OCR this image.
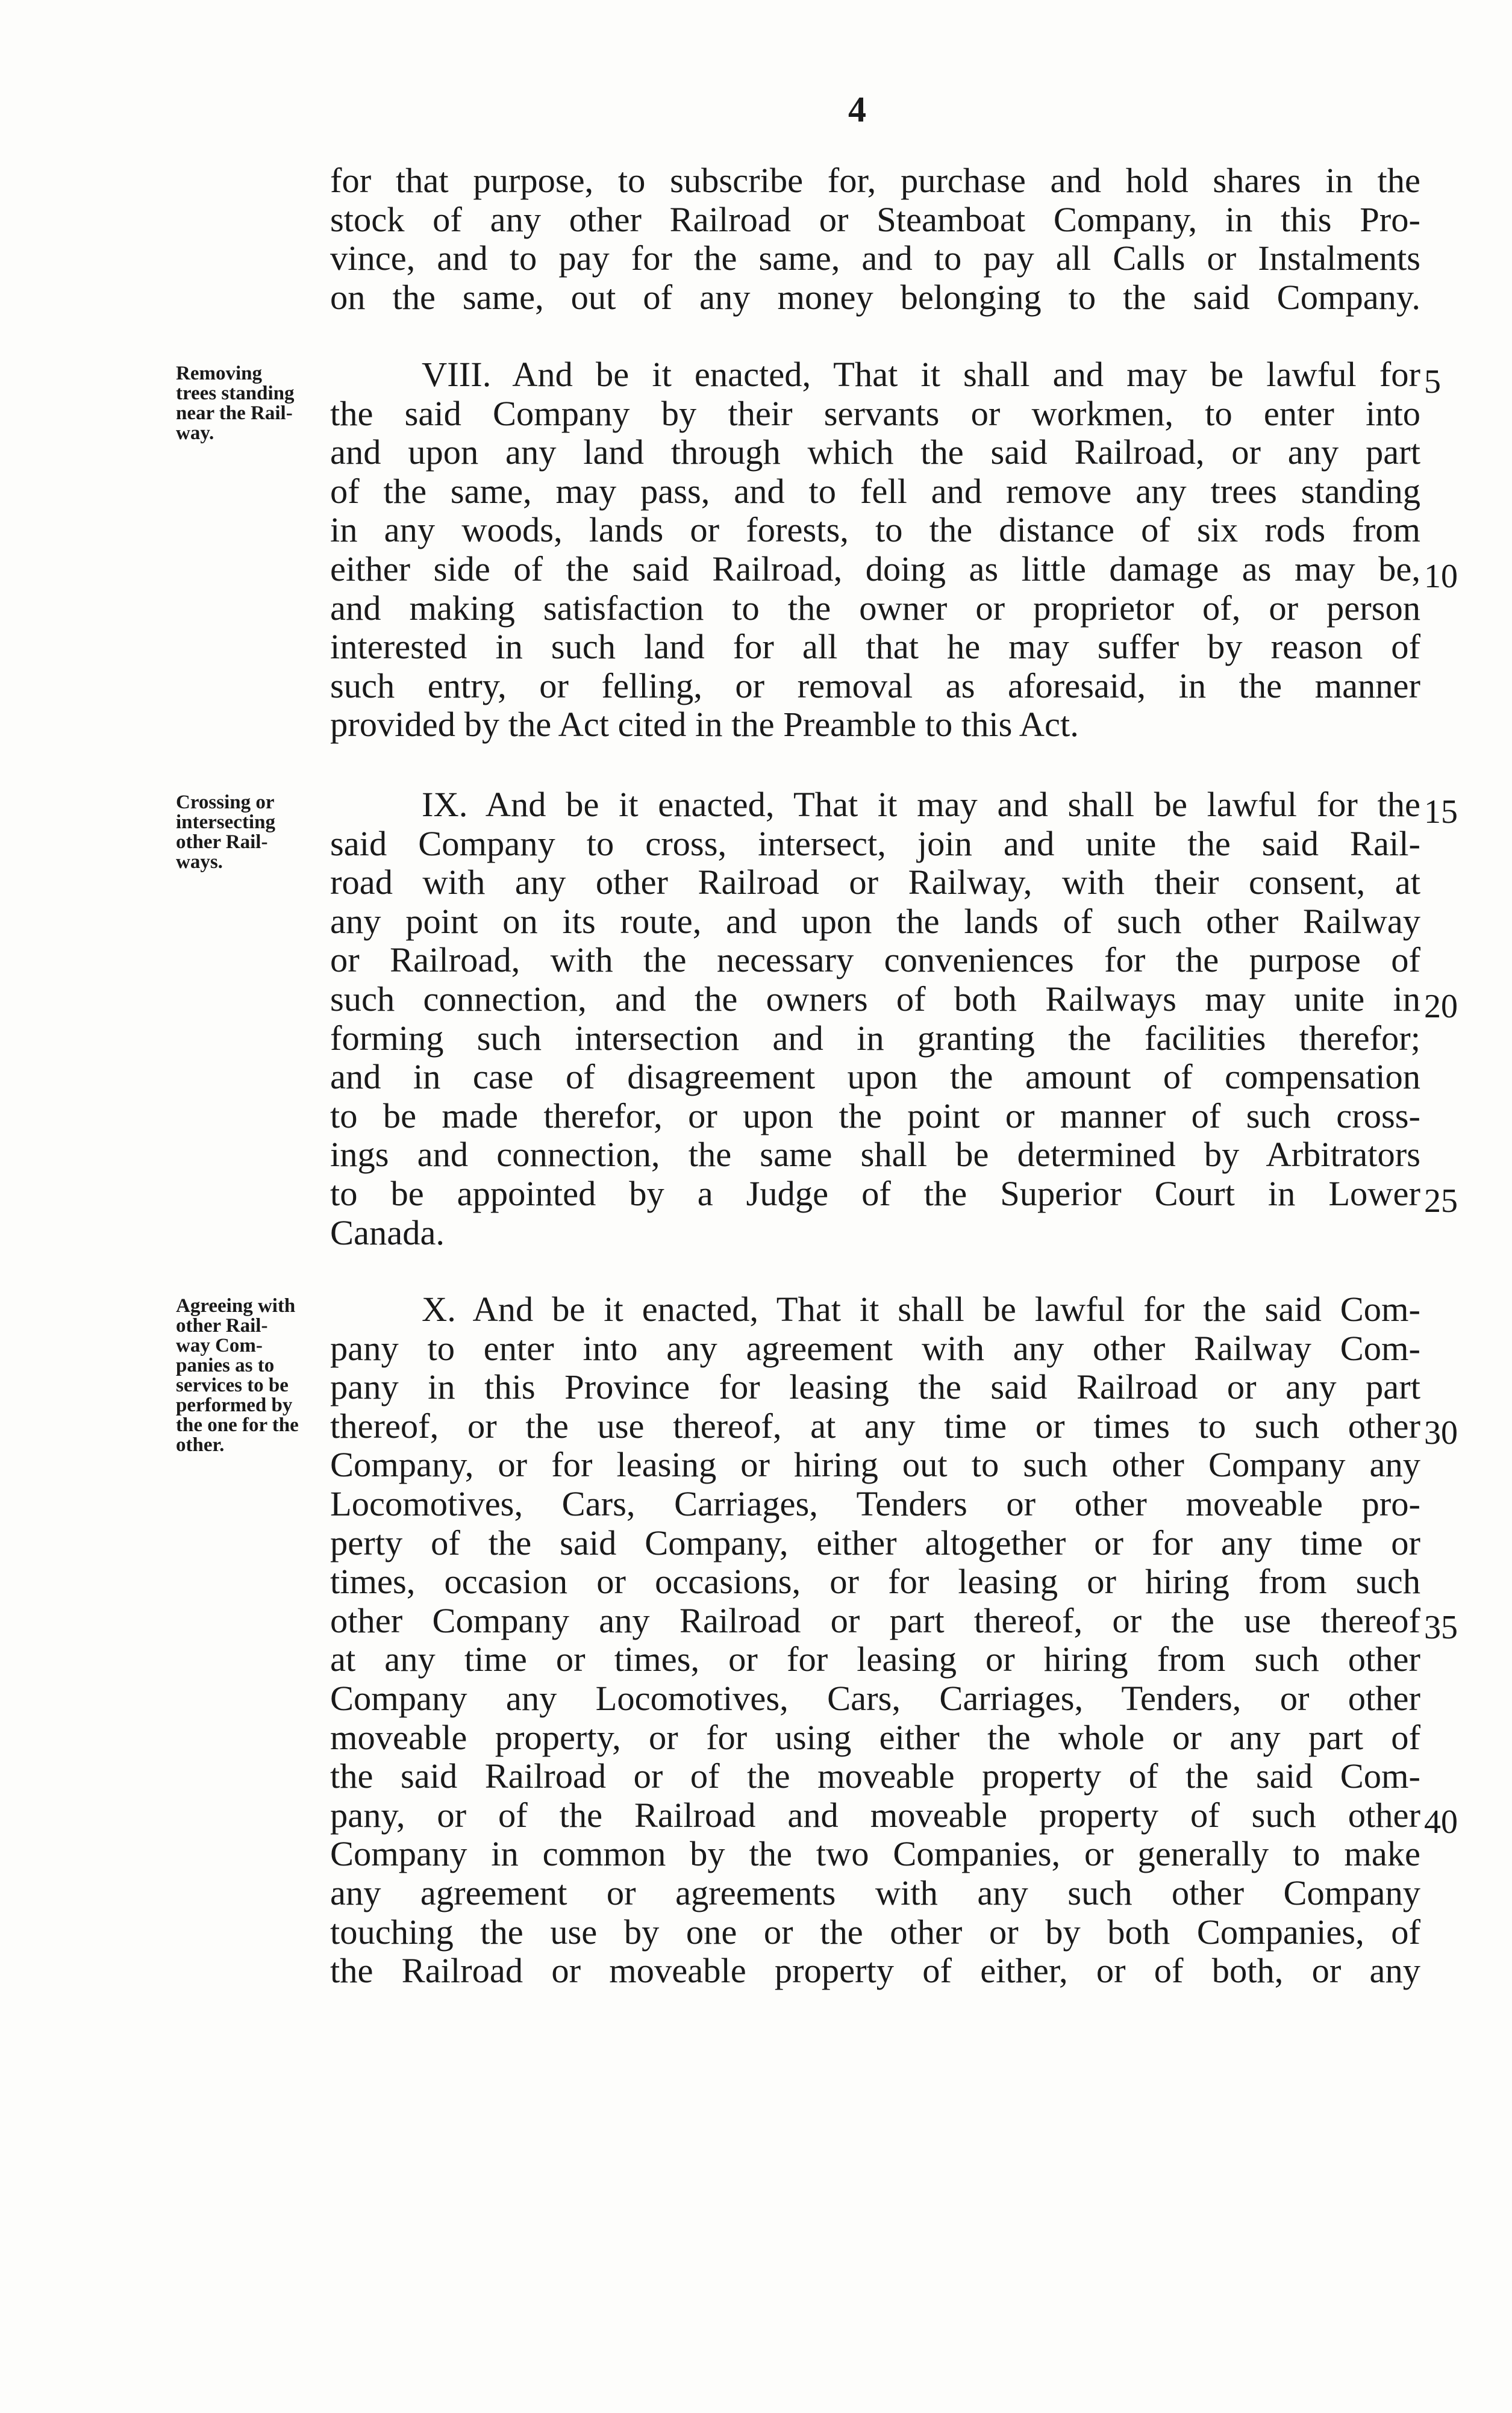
4
for that purpose, to subscribe for, purchase and hold shares in the
stock of any other Railroad or Steamboat Company, in this Pro-
vince, and to pay for the same, and to pay all Calls or Instalments
on the same, out of any money belonging to the said Company.
VIII. And be it enacted, That it shall and may be lawful for
the said Company by their servants or workmen, to enter into
and upon any land through which the said Railroad, or any part
of the same, may pass, and to fell and remove any trees standing
in any woods, lands or forests, to the distance of six rods from
either side of the said Railroad, doing as little damage as may be,
and making satisfaction to the owner or proprietor of, or person
interested in such land for all that he may suffer by reason of
such entry, or felling, or removal as aforesaid, in the manner
provided by the Act cited in the Preamble to this Act.
IX. And be it enacted, That it may and shall be lawful for the
said Company to cross, intersect, join and unite the said Rail-
road with any other Railroad or Railway, with their consent, at
any point on its route, and upon the lands of such other Railway
or Railroad, with the necessary conveniences for the purpose of
such connection, and the owners of both Railways may unite in
forming such intersection and in granting the facilities therefor;
and in case of disagreement upon the amount of compensation
to be made therefor, or upon the point or manner of such cross-
ings and connection, the same shall be determined by Arbitrators
to be appointed by a Judge of the Superior Court in Lower
Canada.
X. And be it enacted, That it shall be lawful for the said Com-
pany to enter into any agreement with any other Railway Com-
pany in this Province for leasing the said Railroad or any part
thereof, or the use thereof, at any time or times to such other
Company, or for leasing or hiring out to such other Company any
Locomotives, Cars, Carriages, Tenders or other moveable pro-
perty of the said Company, either altogether or for any time or
times, occasion or occasions, or for leasing or hiring from such
other Company any Railroad or part thereof, or the use thereof
at any time or times, or for leasing or hiring from such other
Company any Locomotives, Cars, Carriages, Tenders, or other
moveable property, or for using either the whole or any part of
the said Railroad or of the moveable property of the said Com-
pany, or of the Railroad and moveable property of such other
Company in common by the two Companies, or generally to make
any agreement or agreements with any such other Company
touching the use by one or the other or by both Companies, of
the Railroad or moveable property of either, or of both, or any
Removing
trees standing
near the Rail-
way.
Crossing or
intersecting
other Rail-
ways.
Agreeing with
other Rail-
way Com-
panies as to
services to be
performed by
the one for the
other.
5
10
15
20
25
30
35
40
